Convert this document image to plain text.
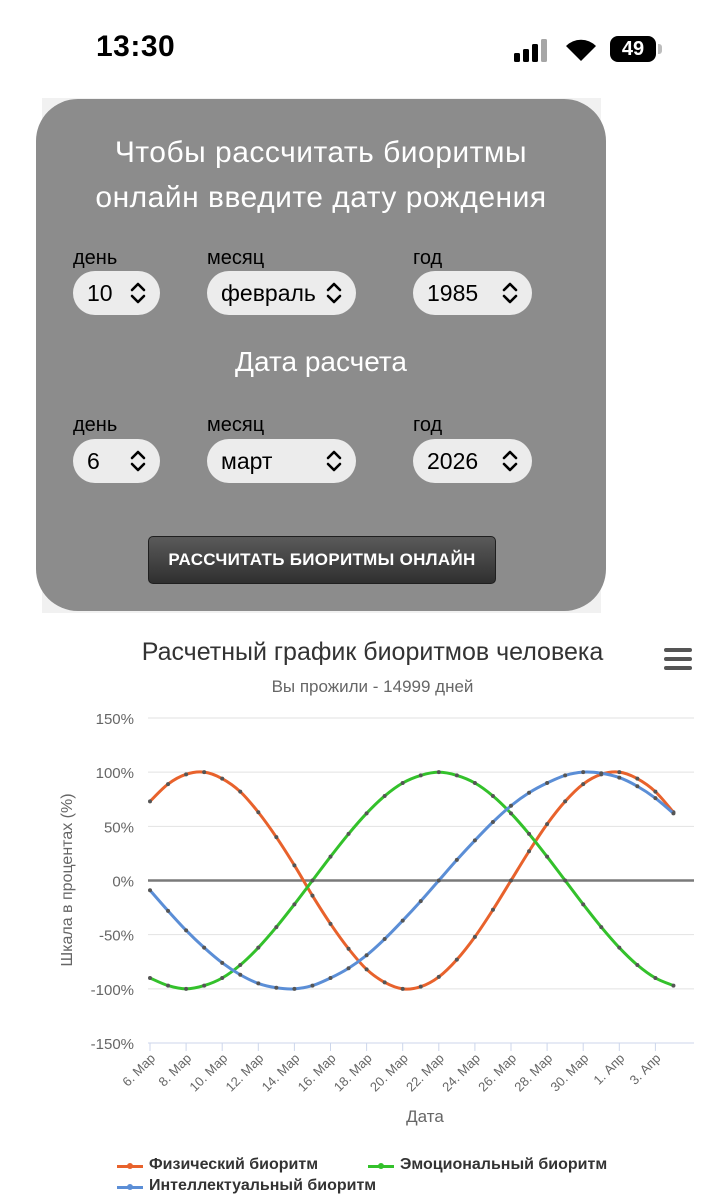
13:30	49
Чтобы рассчитать биоритмы
онлайн введите дату рождения
день	месяц	год
10	февраль	1985
Дата расчета
день	месяц	год
6	март	2026
РАССЧИТАТЬ БИОРИТМЫ ОНЛАЙН
Расчетный график биоритмов человека
Вы прожили - 14999 дней
150%
100%
50%
0%
-50%
-100%
-150%
6. Мар
8. Мар
10. Мар
12. Мар
14. Мар
16. Мар
18. Мар
20. Мар
22. Мар
24. Мар
26. Мар
28. Мар
30. Мар 1. Апр 3. Апр
Шкала в процентах (%)
Дата
Физический биоритм	Эмоциональный биоритм
Интеллектуальный биоритм
